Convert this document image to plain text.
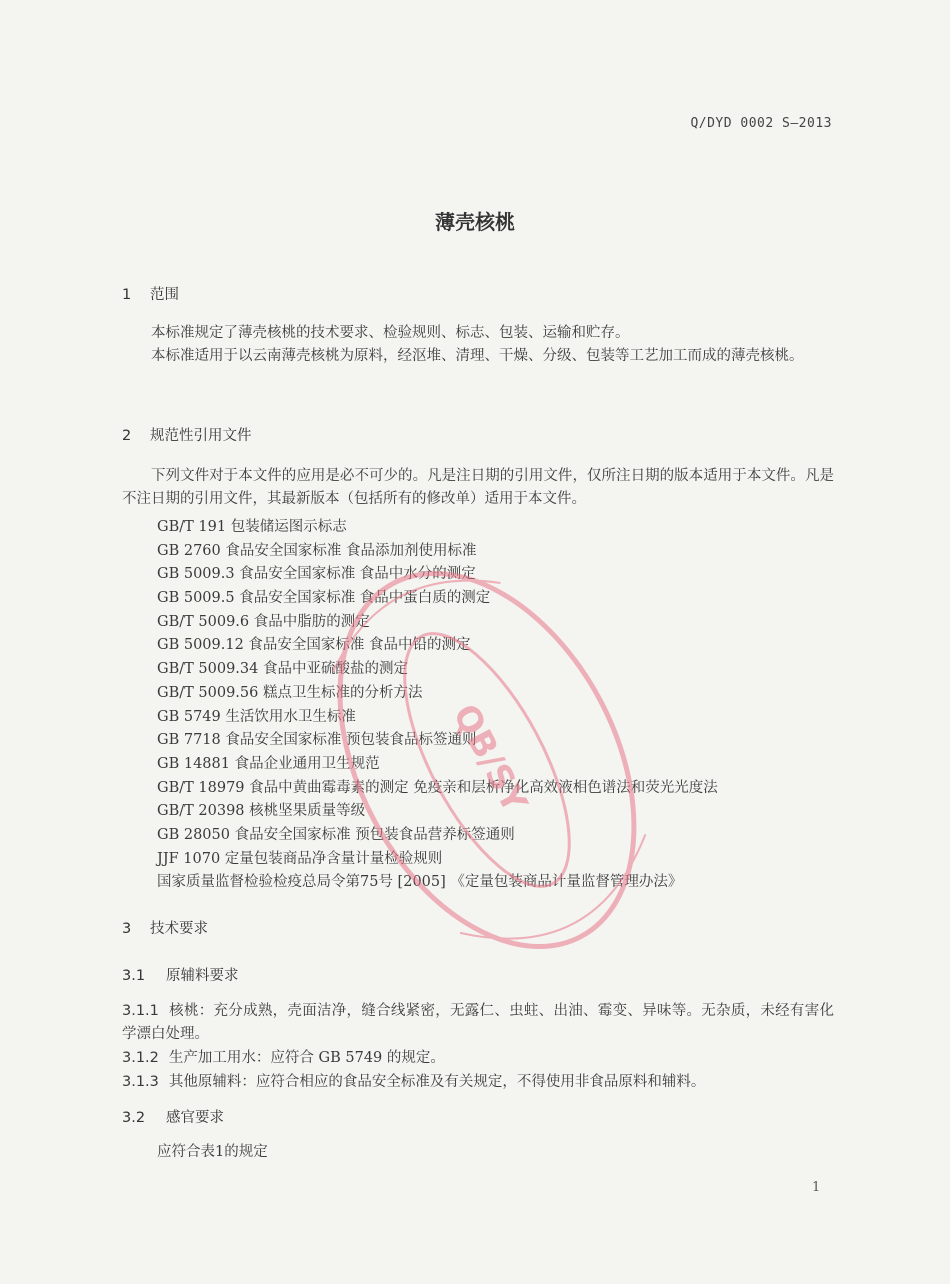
Q/DYD 0002 S—2013
薄壳核桃
1 范围
本标准规定了薄壳核桃的技术要求、检验规则、标志、包装、运输和贮存。
本标准适用于以云南薄壳核桃为原料，经沤堆、清理、干燥、分级、包装等工艺加工而成的薄壳核桃。
2 规范性引用文件
下列文件对于本文件的应用是必不可少的。凡是注日期的引用文件，仅所注日期的版本适用于本文件。凡是不注日期的引用文件，其最新版本（包括所有的修改单）适用于本文件。
GB/T 191 包装储运图示标志
GB 2760 食品安全国家标准 食品添加剂使用标准
GB 5009.3 食品安全国家标准 食品中水分的测定
GB 5009.5 食品安全国家标准 食品中蛋白质的测定
GB/T 5009.6 食品中脂肪的测定
GB 5009.12 食品安全国家标准 食品中铅的测定
GB/T 5009.34 食品中亚硫酸盐的测定
GB/T 5009.56 糕点卫生标准的分析方法
GB 5749 生活饮用水卫生标准
GB 7718 食品安全国家标准 预包装食品标签通则
GB 14881 食品企业通用卫生规范
GB/T 18979 食品中黄曲霉毒素的测定 免疫亲和层析净化高效液相色谱法和荧光光度法
GB/T 20398 核桃坚果质量等级
GB 28050 食品安全国家标准 预包装食品营养标签通则
JJF 1070 定量包装商品净含量计量检验规则
国家质量监督检验检疫总局令第75号 [2005] 《定量包装商品计量监督管理办法》
3 技术要求
3.1 原辅料要求
3.1.1 核桃：充分成熟，壳面洁净，缝合线紧密，无露仁、虫蛀、出油、霉变、异味等。无杂质，未经有害化学漂白处理。
3.1.2 生产加工用水：应符合 GB 5749 的规定。
3.1.3 其他原辅料：应符合相应的食品安全标准及有关规定，不得使用非食品原料和辅料。
3.2 感官要求
应符合表1的规定
1
QB/SY
